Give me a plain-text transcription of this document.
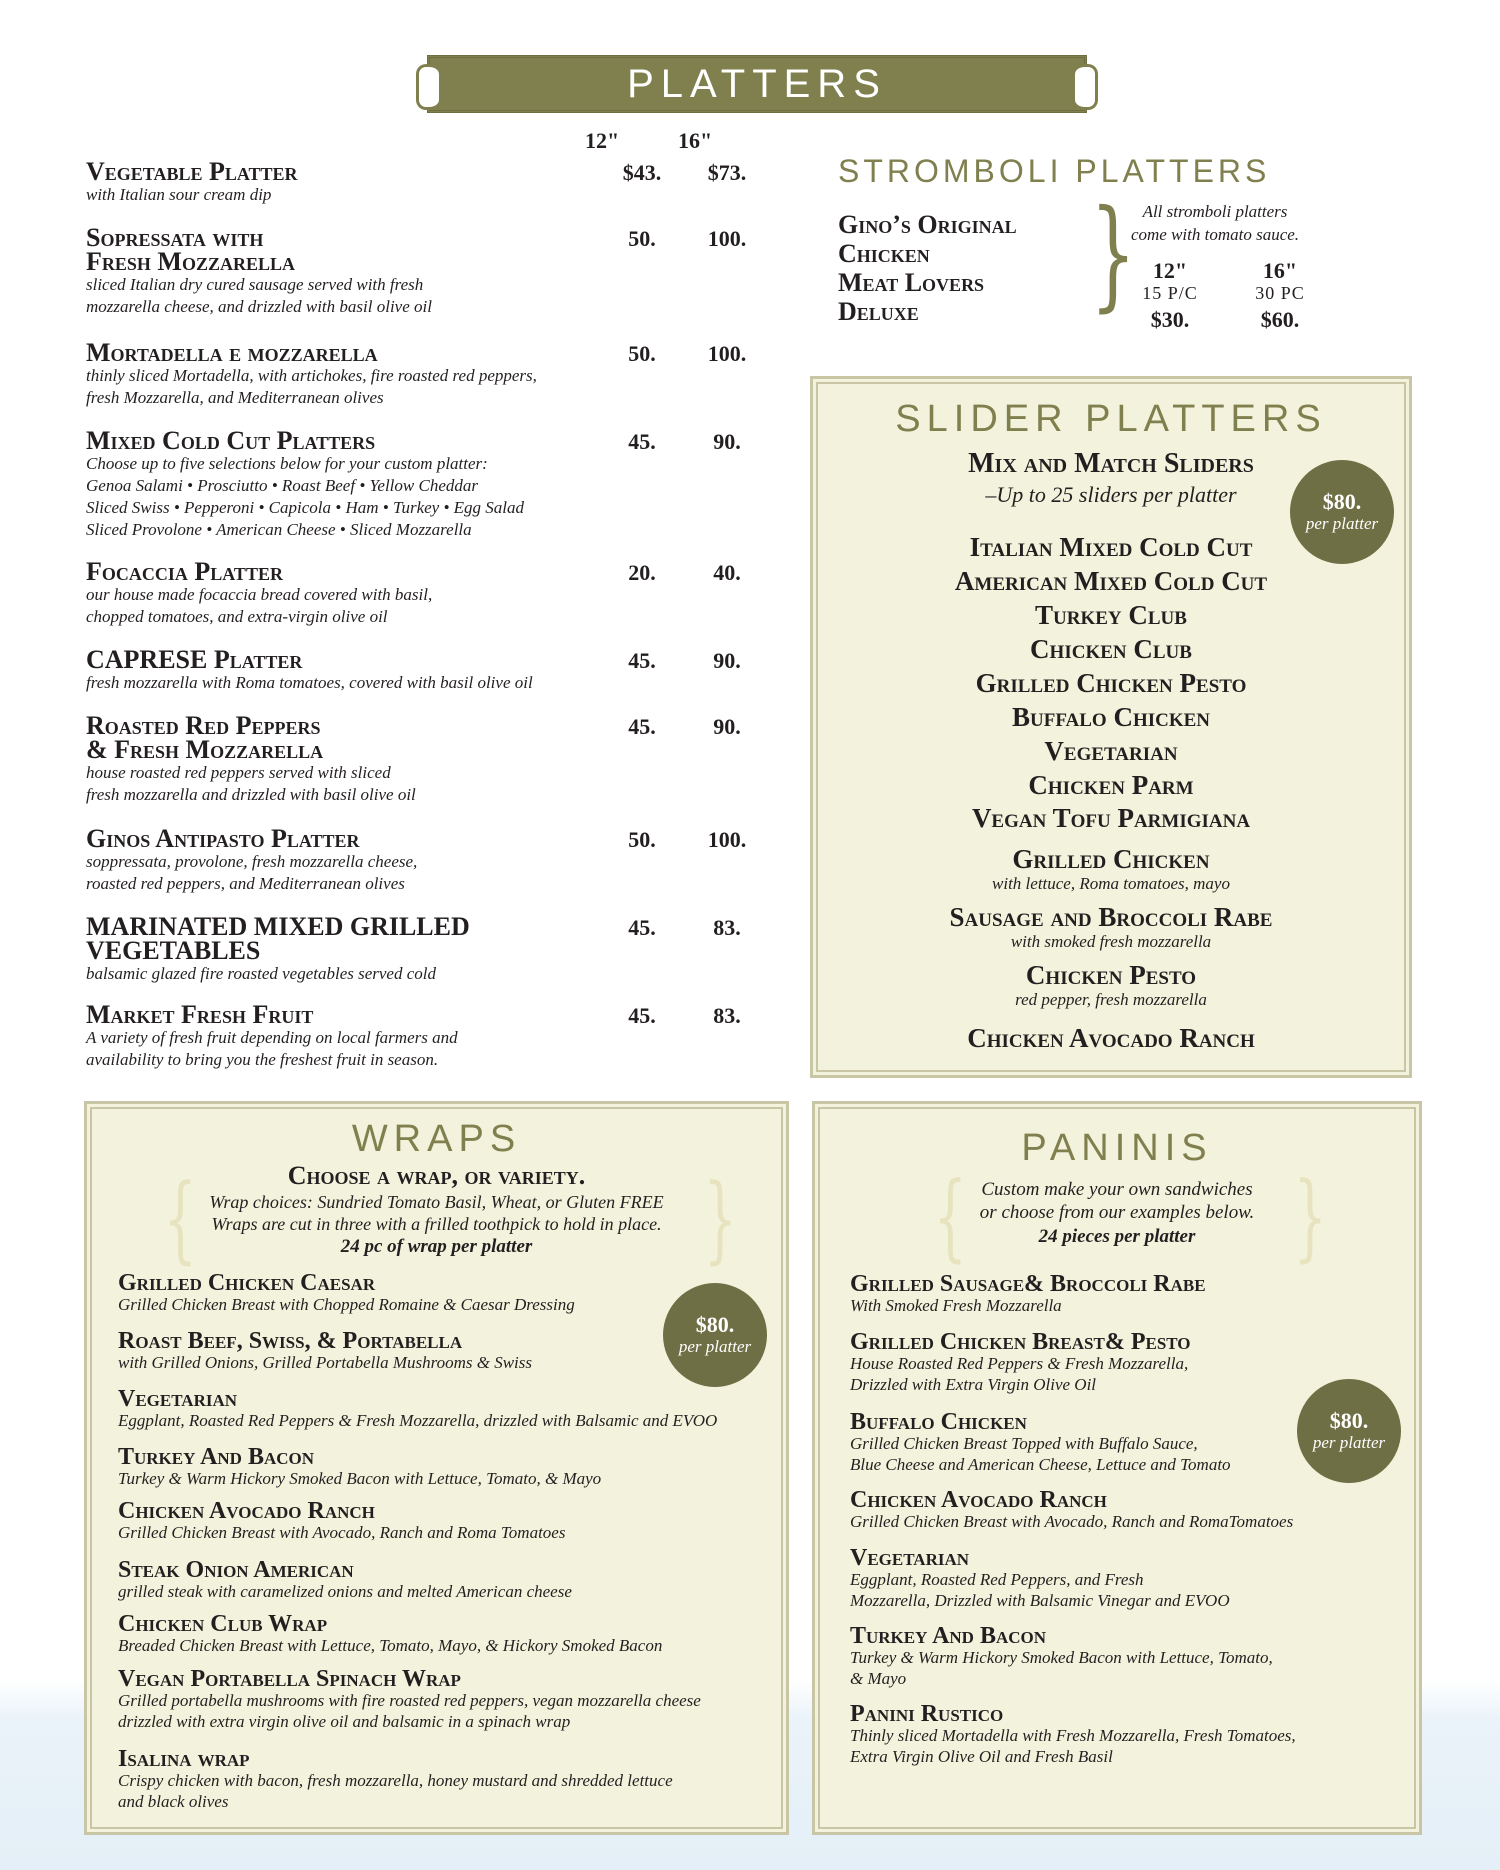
PLATTERS
12"	16"
Vegetable Platter
with Italian sour cream dip
$43.	$73.
Sopressata with
Fresh Mozzarella
sliced Italian dry cured sausage served with fresh
mozzarella cheese, and drizzled with basil olive oil
50.	100.
Mortadella e mozzarella
thinly sliced Mortadella, with artichokes, fire roasted red peppers,
fresh Mozzarella, and Mediterranean olives
50.	100.
Mixed Cold Cut Platters
Choose up to five selections below for your custom platter:
Genoa Salami • Prosciutto • Roast Beef • Yellow Cheddar
Sliced Swiss • Pepperoni • Capicola • Ham • Turkey • Egg Salad
Sliced Provolone • American Cheese • Sliced Mozzarella
45.	90.
Focaccia Platter
our house made focaccia bread covered with basil,
chopped tomatoes, and extra-virgin olive oil
20.	40.
CAPRESE Platter
fresh mozzarella with Roma tomatoes, covered with basil olive oil
45.	90.
Roasted Red Peppers
& Fresh Mozzarella
house roasted red peppers served with sliced
fresh mozzarella and drizzled with basil olive oil
45.	90.
Ginos Antipasto Platter
soppressata, provolone, fresh mozzarella cheese,
roasted red peppers, and Mediterranean olives
50.	100.
MARINATED MIXED GRILLED
VEGETABLES
balsamic glazed fire roasted vegetables served cold
45.	83.
Market Fresh Fruit
A variety of fresh fruit depending on local farmers and
availability to bring you the freshest fruit in season.
45.	83.
STROMBOLI PLATTERS
Gino’s Original
Chicken
Meat Lovers
Deluxe } All stromboli platters
come with tomato sauce.
12"	16"
15 P/C	30 PC
$30.	$60.
SLIDER PLATTERS
Mix and Match Sliders
–Up to 25 sliders per platter	$80.
per platter
Italian Mixed Cold Cut
American Mixed Cold Cut
Turkey Club
Chicken Club
Grilled Chicken Pesto
Buffalo Chicken
Vegetarian
Chicken Parm
Vegan Tofu Parmigiana
Grilled Chicken
with lettuce, Roma tomatoes, mayo
Sausage and Broccoli Rabe
with smoked fresh mozzarella
Chicken Pesto
red pepper, fresh mozzarella
Chicken Avocado Ranch
WRAPS
Choose a wrap, or variety.
{	}
Wrap choices: Sundried Tomato Basil, Wheat, or Gluten FREE
Wraps are cut in three with a frilled toothpick to hold in place.
24 pc of wrap per platter
$80.
per platter
Grilled Chicken Caesar
Grilled Chicken Breast with Chopped Romaine & Caesar Dressing
Roast Beef, Swiss, & Portabella
with Grilled Onions, Grilled Portabella Mushrooms & Swiss
Vegetarian
Eggplant, Roasted Red Peppers & Fresh Mozzarella, drizzled with Balsamic and EVOO
Turkey And Bacon
Turkey & Warm Hickory Smoked Bacon with Lettuce, Tomato, & Mayo
Chicken Avocado Ranch
Grilled Chicken Breast with Avocado, Ranch and Roma Tomatoes
Steak Onion American
grilled steak with caramelized onions and melted American cheese
Chicken Club Wrap
Breaded Chicken Breast with Lettuce, Tomato, Mayo, & Hickory Smoked Bacon
Vegan Portabella Spinach Wrap
Grilled portabella mushrooms with fire roasted red peppers, vegan mozzarella cheese
drizzled with extra virgin olive oil and balsamic in a spinach wrap
Isalina wrap
Crispy chicken with bacon, fresh mozzarella, honey mustard and shredded lettuce
and black olives
PANINIS
{	}
Custom make your own sandwiches
or choose from our examples below.
24 pieces per platter
$80.
per platter
Grilled Sausage& Broccoli Rabe
With Smoked Fresh Mozzarella
Grilled Chicken Breast& Pesto
House Roasted Red Peppers & Fresh Mozzarella,
Drizzled with Extra Virgin Olive Oil
Buffalo Chicken
Grilled Chicken Breast Topped with Buffalo Sauce,
Blue Cheese and American Cheese, Lettuce and Tomato
Chicken Avocado Ranch
Grilled Chicken Breast with Avocado, Ranch and RomaTomatoes
Vegetarian
Eggplant, Roasted Red Peppers, and Fresh
Mozzarella, Drizzled with Balsamic Vinegar and EVOO
Turkey And Bacon
Turkey & Warm Hickory Smoked Bacon with Lettuce, Tomato,
& Mayo
Panini Rustico
Thinly sliced Mortadella with Fresh Mozzarella, Fresh Tomatoes,
Extra Virgin Olive Oil and Fresh Basil
